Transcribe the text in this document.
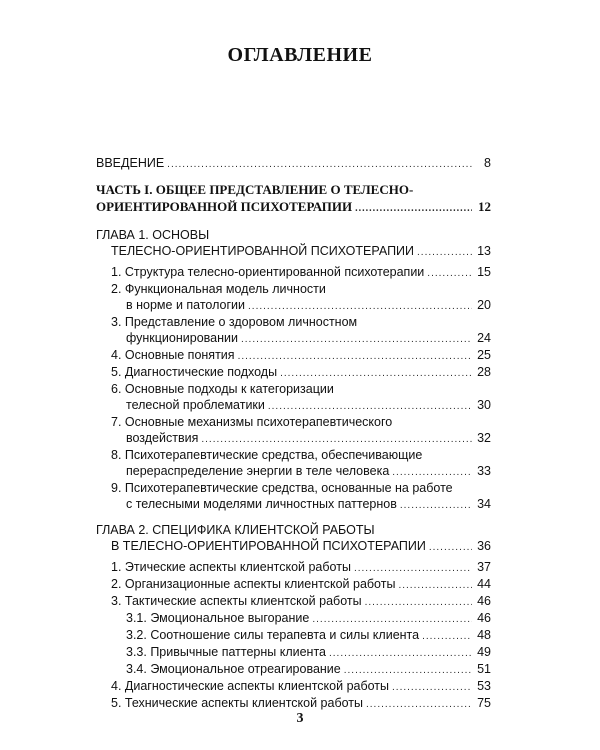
ОГЛАВЛЕНИЕ
ВВЕДЕНИЕ .....	8
ЧАСТЬ I. ОБЩЕЕ ПРЕДСТАВЛЕНИЕ О ТЕЛЕСНО-
ОРИЕНТИРОВАННОЙ ПСИХОТЕРАПИИ .....	12
ГЛАВА 1. ОСНОВЫ
ТЕЛЕСНО-ОРИЕНТИРОВАННОЙ ПСИХОТЕРАПИИ .....	13
1. Структура телесно-ориентированной психотерапии .....	15
2. Функциональная модель личности
в норме и патологии .....	20
3. Представление о здоровом личностном
функционировании .....	24
4. Основные понятия .....	25
5. Диагностические подходы .....	28
6. Основные подходы к категоризации
телесной проблематики .....	30
7. Основные механизмы психотерапевтического
воздействия .....	32
8. Психотерапевтические средства, обеспечивающие
перераспределение энергии в теле человека .....	33
9. Психотерапевтические средства, основанные на работе
с телесными моделями личностных паттернов .....	34
ГЛАВА 2. СПЕЦИФИКА КЛИЕНТСКОЙ РАБОТЫ
В ТЕЛЕСНО-ОРИЕНТИРОВАННОЙ ПСИХОТЕРАПИИ .....	36
1. Этические аспекты клиентской работы .....	37
2. Организационные аспекты клиентской работы .....	44
3. Тактические аспекты клиентской работы .....	46
3.1. Эмоциональное выгорание .....	46
3.2. Соотношение силы терапевта и силы клиента .....	48
3.3. Привычные паттерны клиента .....	49
3.4. Эмоциональное отреагирование .....	51
4. Диагностические аспекты клиентской работы .....	53
5. Технические аспекты клиентской работы .....	75
3
